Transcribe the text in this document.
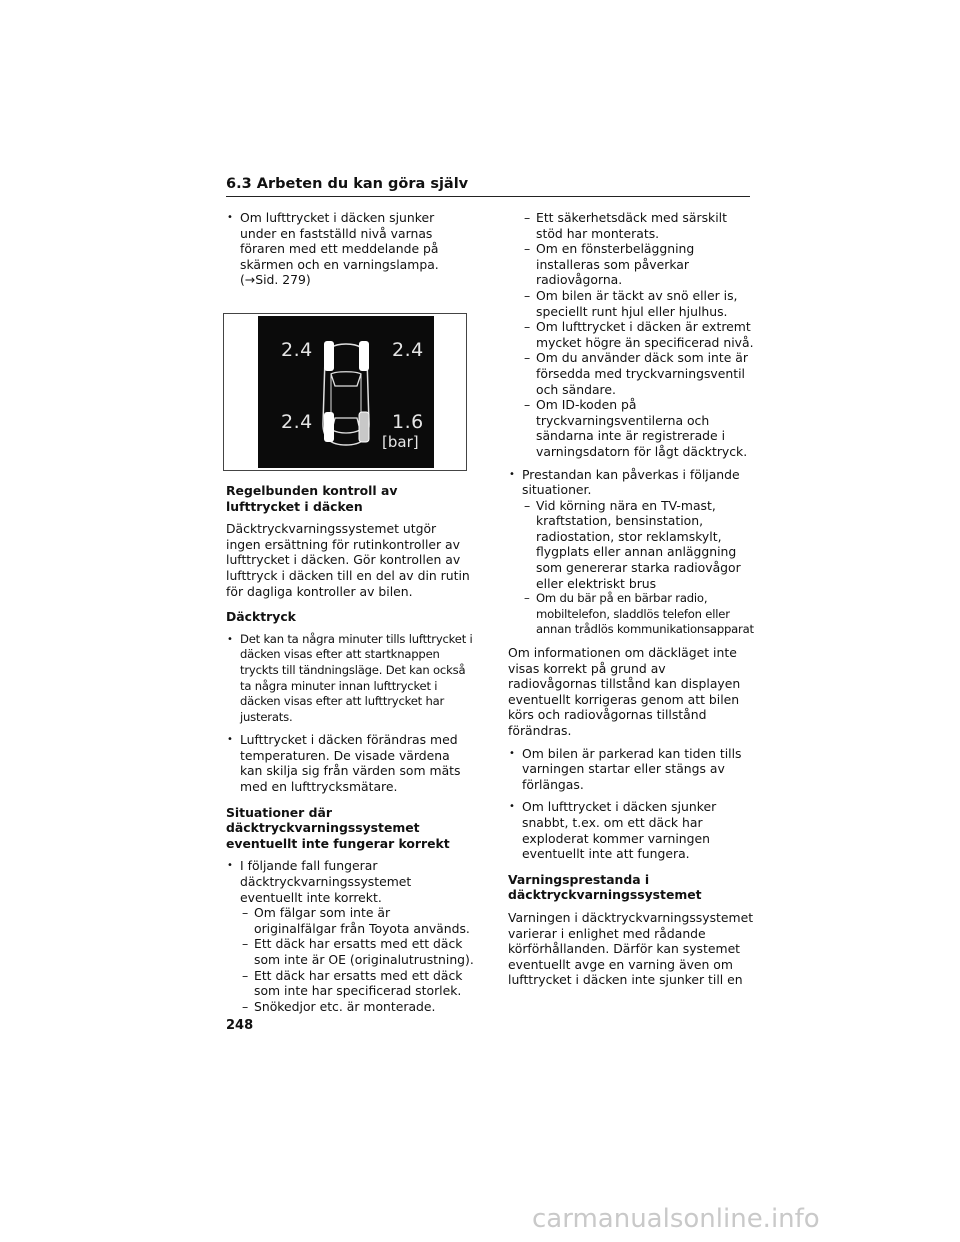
6.3 Arbeten du kan göra själv
• Om lufttrycket i däcken sjunker under en fastställd nivå varnas föraren med ett meddelande på skärmen och en varningslampa. (→Sid. 279)
2.4	2.4
2.4	1.6
[bar]
Regelbunden kontroll av lufttrycket i däcken

Däcktryckvarningssystemet utgör ingen ersättning för rutinkontroller av lufttrycket i däcken. Gör kontrollen av lufttryck i däcken till en del av din rutin för dagliga kontroller av bilen.

Däcktryck
• Det kan ta några minuter tills lufttrycket i däcken visas efter att startknappen tryckts till tändningsläge. Det kan också ta några minuter innan lufttrycket i däcken visas efter att lufttrycket har justerats.
• Lufttrycket i däcken förändras med temperaturen. De visade värdena kan skilja sig från värden som mäts med en lufttrycksmätare.
Situationer där däcktryckvarningssystemet eventuellt inte fungerar korrekt
• I följande fall fungerar däcktryckvarningssystemet eventuellt inte korrekt.
– Om fälgar som inte är originalfälgar från Toyota används.
– Ett däck har ersatts med ett däck som inte är OE (originalutrustning).
– Ett däck har ersatts med ett däck som inte har specificerad storlek.
– Snökedjor etc. är monterade.
– Ett säkerhetsdäck med särskilt stöd har monterats.
– Om en fönsterbeläggning installeras som påverkar radiovågorna.
– Om bilen är täckt av snö eller is, speciellt runt hjul eller hjulhus.
– Om lufttrycket i däcken är extremt mycket högre än specificerad nivå.
– Om du använder däck som inte är försedda med tryckvarningsventil och sändare.
– Om ID-koden på tryckvarningsventilerna och sändarna inte är registrerade i varningsdatorn för lågt däcktryck.
• Prestandan kan påverkas i följande situationer.
– Vid körning nära en TV-mast, kraftstation, bensinstation, radiostation, stor reklamskylt, flygplats eller annan anläggning som genererar starka radiovågor eller elektriskt brus
– Om du bär på en bärbar radio, mobiltelefon, sladdlös telefon eller annan trådlös kommunikationsapparat

Om informationen om däckläget inte visas korrekt på grund av radiovågornas tillstånd kan displayen eventuellt korrigeras genom att bilen körs och radiovågornas tillstånd förändras.

• Om bilen är parkerad kan tiden tills varningen startar eller stängs av förlängas.
• Om lufttrycket i däcken sjunker snabbt, t.ex. om ett däck har exploderat kommer varningen eventuellt inte att fungera.
Varningsprestanda i däcktryckvarningssystemet

Varningen i däcktryckvarningssystemet varierar i enlighet med rådande körförhållanden. Därför kan systemet eventuellt avge en varning även om lufttrycket i däcken inte sjunker till en

248
carmanualsonline.info
